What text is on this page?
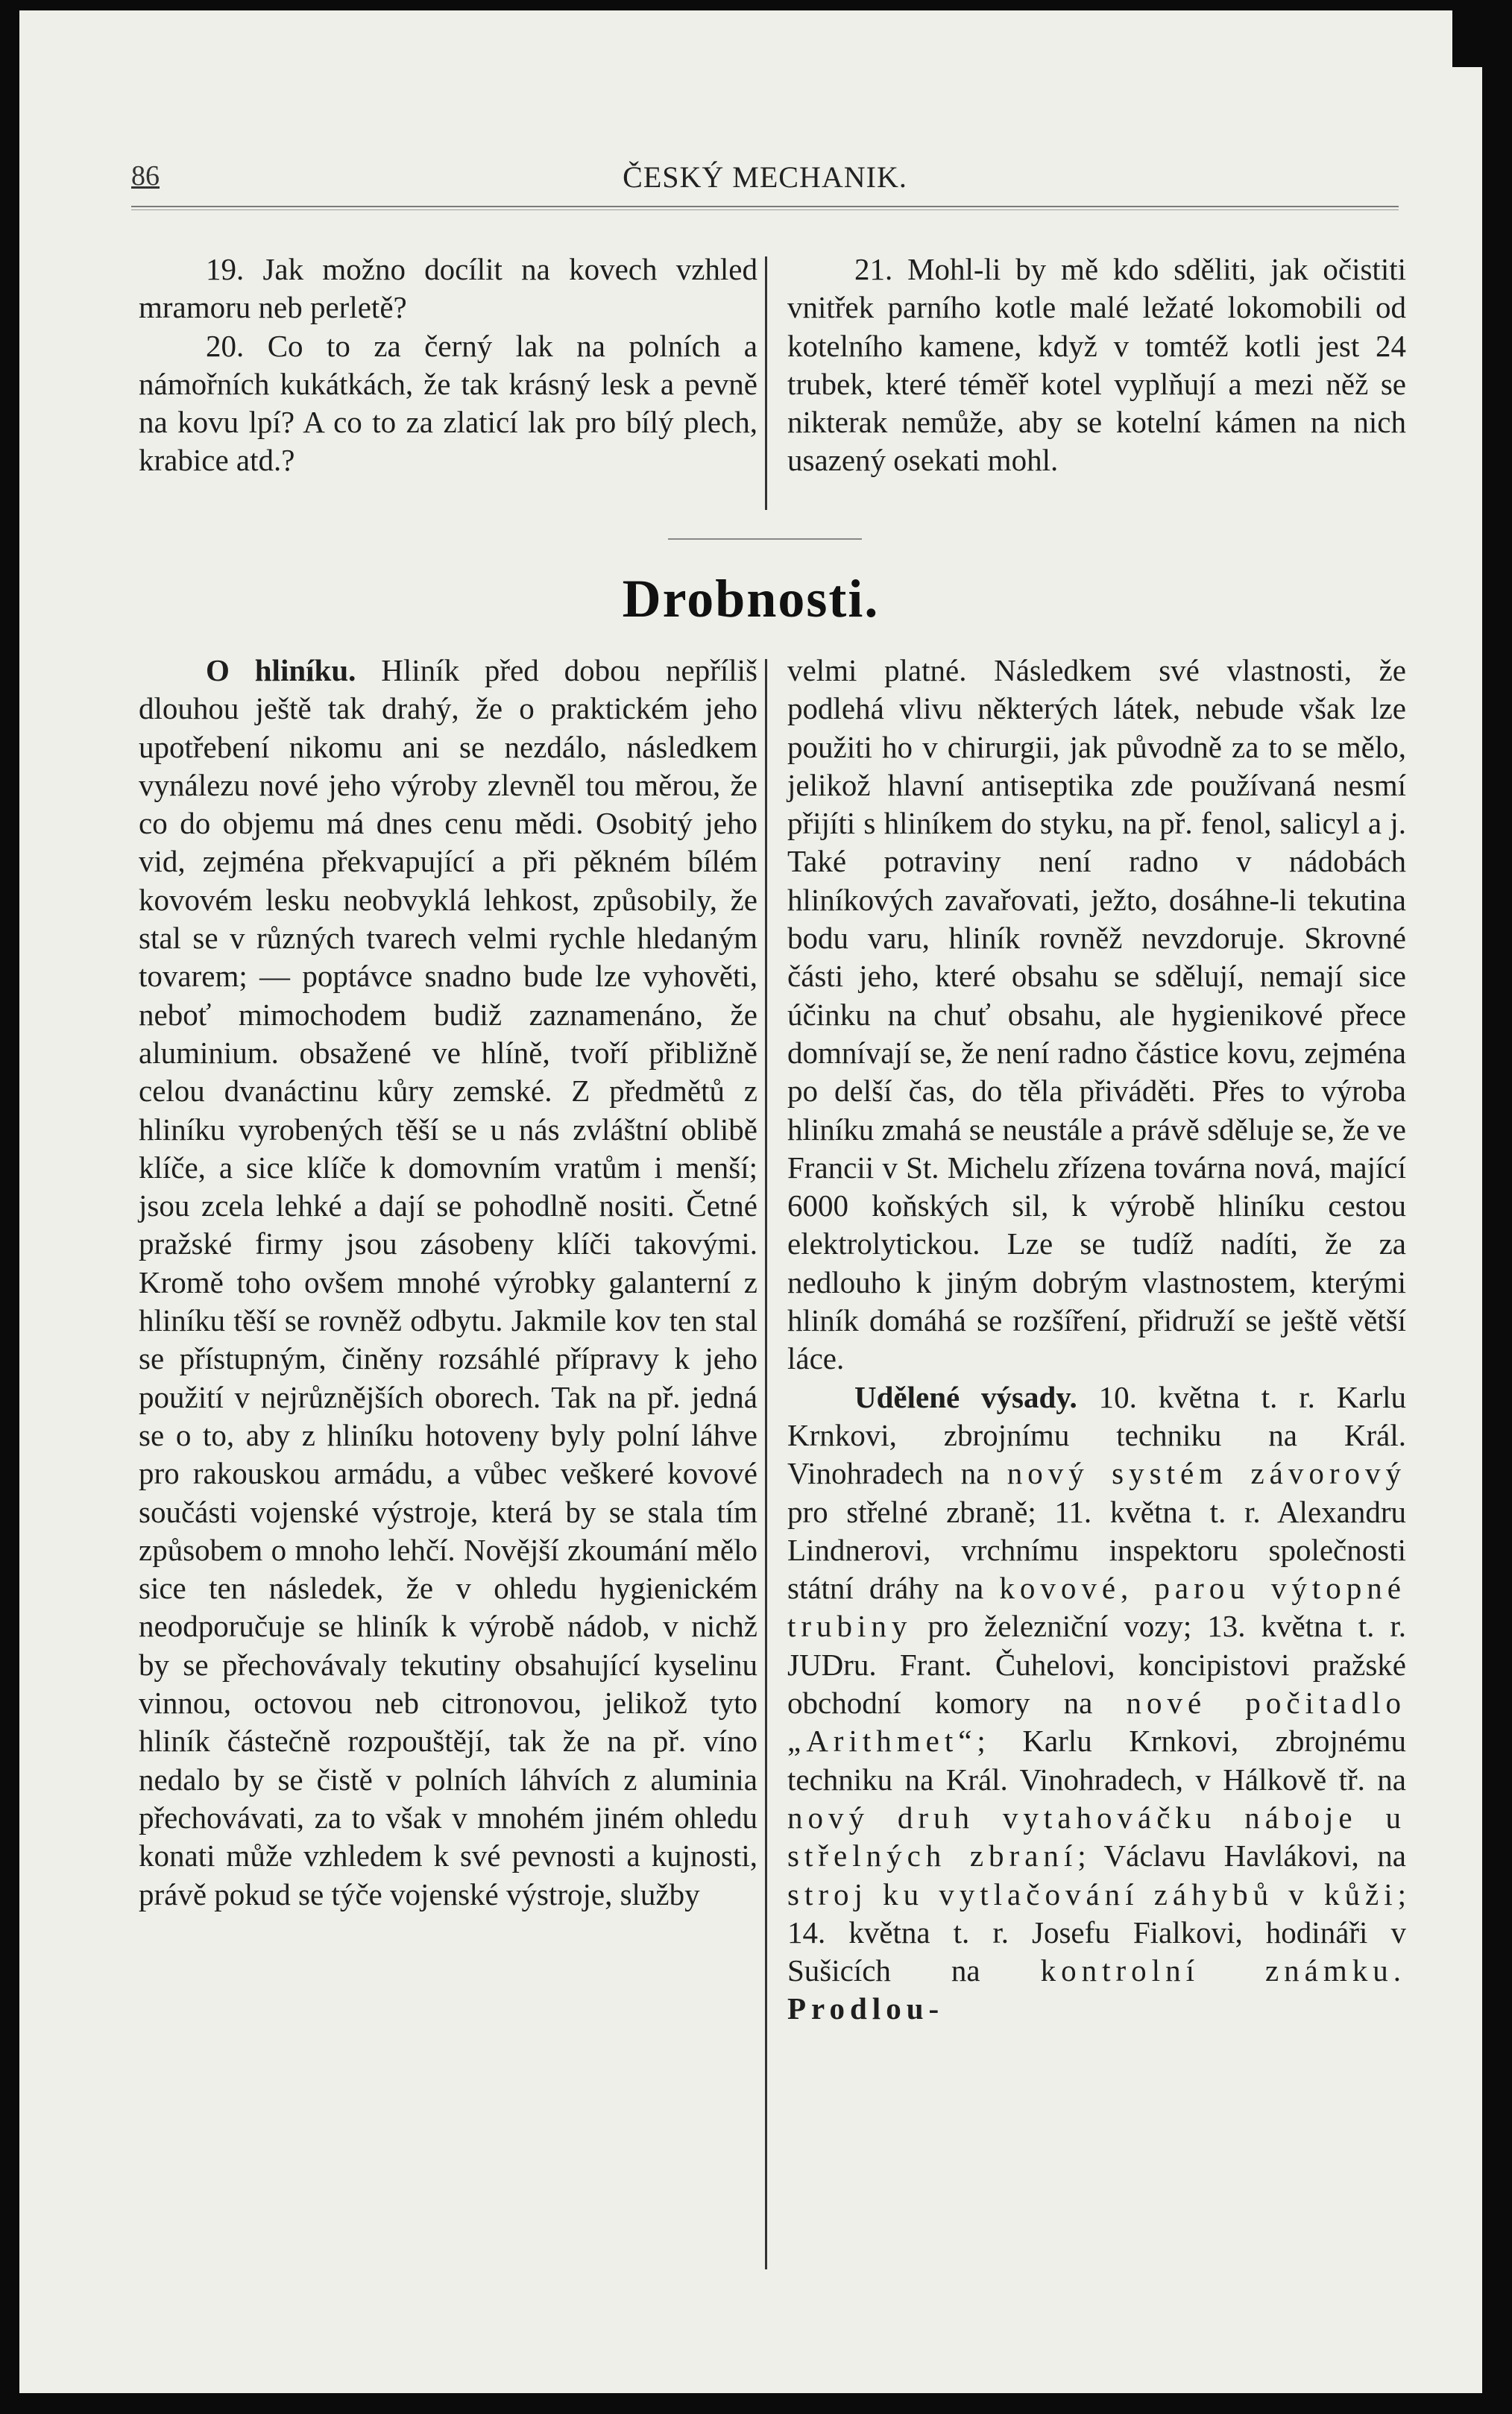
86	ČESKÝ MECHANIK.

19. Jak možno docílit na kovech vzhled mramoru neb perletě?

20. Co to za černý lak na polních a námořních kukátkách, že tak krásný lesk a pevně na kovu lpí? A co to za zlaticí lak pro bílý plech, krabice atd.?

21. Mohl-li by mě kdo sděliti, jak očistiti vnitřek parního kotle malé ležaté lokomobili od kotelního kamene, když v tomtéž kotli jest 24 trubek, které téměř kotel vyplňují a mezi něž se nikterak nemůže, aby se kotelní kámen na nich usazený osekati mohl.

Drobnosti.

O hliníku. Hliník před dobou nepříliš dlouhou ještě tak drahý, že o praktickém jeho upotřebení nikomu ani se nezdálo, následkem vynálezu nové jeho výroby zlevněl tou měrou, že co do objemu má dnes cenu mědi. Osobitý jeho vid, zejména překvapující a při pěkném bílém kovovém lesku neobvyklá lehkost, způsobily, že stal se v různých tvarech velmi rychle hledaným tovarem; — poptávce snadno bude lze vyhověti, neboť mimochodem budiž zaznamenáno, že aluminium. obsažené ve hlíně, tvoří přibližně celou dvanáctinu kůry zemské. Z předmětů z hliníku vyrobených těší se u nás zvláštní oblibě klíče, a sice klíče k domovním vratům i menší; jsou zcela lehké a dají se pohodlně nositi. Četné pražské firmy jsou zásobeny klíči takovými. Kromě toho ovšem mnohé výrobky galanterní z hliníku těší se rovněž odbytu. Jakmile kov ten stal se přístupným, činěny rozsáhlé přípravy k jeho použití v nejrůznějších oborech. Tak na př. jedná se o to, aby z hliníku hotoveny byly polní láhve pro rakouskou armádu, a vůbec veškeré kovové součásti vojenské výstroje, která by se stala tím způsobem o mnoho lehčí. Novější zkoumání mělo sice ten následek, že v ohledu hygienickém neodporučuje se hliník k výrobě nádob, v nichž by se přechovávaly tekutiny obsahující kyselinu vinnou, octovou neb citronovou, jelikož tyto hliník částečně rozpouštějí, tak že na př. víno nedalo by se čistě v polních láhvích z aluminia přechovávati, za to však v mnohém jiném ohledu konati může vzhledem k své pevnosti a kujnosti, právě pokud se týče vojenské výstroje, služby

velmi platné. Následkem své vlastnosti, že podlehá vlivu některých látek, nebude však lze použiti ho v chirurgii, jak původně za to se mělo, jelikož hlavní antiseptika zde používaná nesmí přijíti s hliníkem do styku, na př. fenol, salicyl a j. Také potraviny není radno v nádobách hliníkových zavařovati, ježto, dosáhne-li tekutina bodu varu, hliník rovněž nevzdoruje. Skrovné části jeho, které obsahu se sdělují, nemají sice účinku na chuť obsahu, ale hygienikové přece domnívají se, že není radno částice kovu, zejména po delší čas, do těla přiváděti. Přes to výroba hliníku zmahá se neustále a právě sděluje se, že ve Francii v St. Michelu zřízena továrna nová, mající 6000 koňských sil, k výrobě hliníku cestou elektrolytickou. Lze se tudíž nadíti, že za nedlouho k jiným dobrým vlastnostem, kterými hliník domáhá se rozšíření, přidruží se ještě větší láce.

Udělené výsady. 10. května t. r. Karlu Krnkovi, zbrojnímu techniku na Král. Vinohradech na nový systém závorový pro střelné zbraně; 11. května t. r. Alexandru Lindnerovi, vrchnímu inspektoru společnosti státní dráhy na kovové, parou výtopné trubiny pro železniční vozy; 13. května t. r. JUDru. Frant. Čuhelovi, koncipistovi pražské obchodní komory na nové počitadlo „Arithmet“; Karlu Krnkovi, zbrojnému techniku na Král. Vinohradech, v Hálkově tř. na nový druh vytahováčku náboje u střelných zbraní; Václavu Havlákovi, na stroj ku vytlačování záhybů v kůži; 14. května t. r. Josefu Fialkovi, hodináři v Sušicích na kontrolní známku. Prodlou-
